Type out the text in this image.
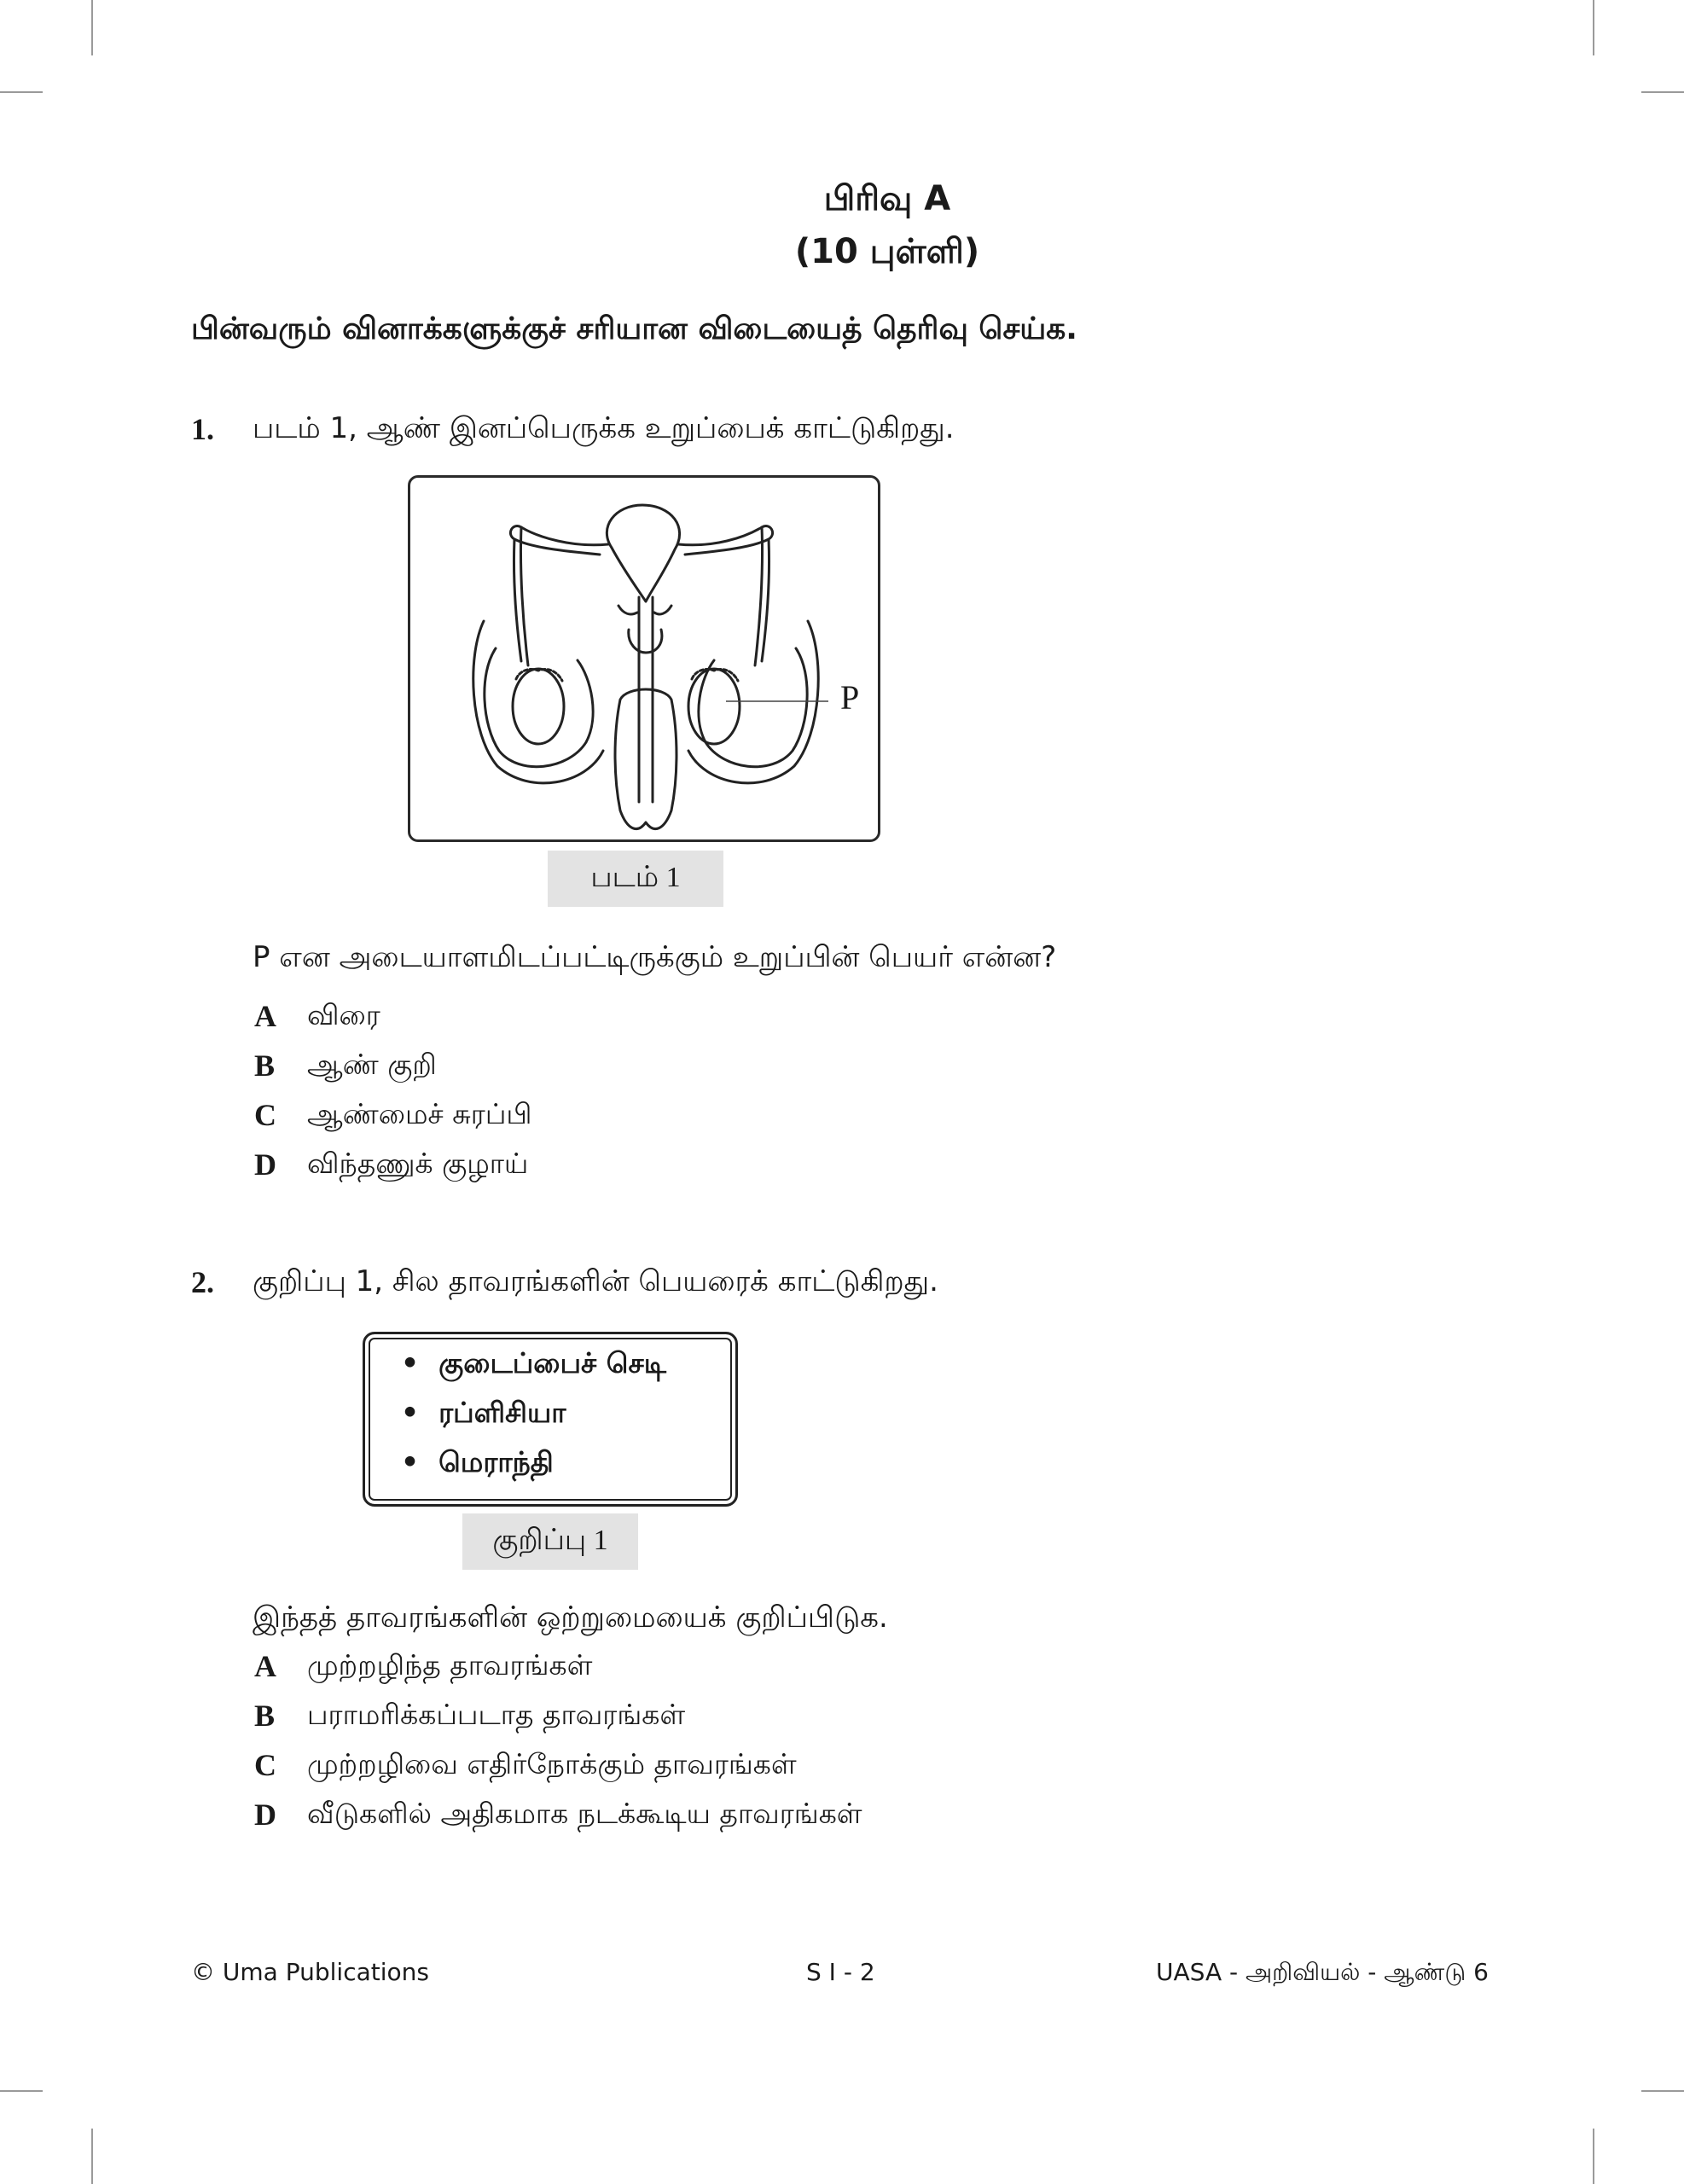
பிரிவு A
(10 புள்ளி)
பின்வரும் வினாக்களுக்குச் சரியான விடையைத் தெரிவு செய்க.
1. படம் 1, ஆண் இனப்பெருக்க உறுப்பைக் காட்டுகிறது.
P
படம் 1
P என அடையாளமிடப்பட்டிருக்கும் உறுப்பின் பெயர் என்ன?
A விரை
B ஆண் குறி
C ஆண்மைச் சுரப்பி
D விந்தணுக் குழாய்
2. குறிப்பு 1, சில தாவரங்களின் பெயரைக் காட்டுகிறது.
•  குடைப்பைச் செடி
•  ரப்ளிசியா
•  மெராந்தி
குறிப்பு 1
இந்தத் தாவரங்களின் ஒற்றுமையைக் குறிப்பிடுக.
A முற்றழிந்த தாவரங்கள்
B பராமரிக்கப்படாத தாவரங்கள்
C முற்றழிவை எதிர்நோக்கும் தாவரங்கள்
D வீடுகளில் அதிகமாக நடக்கூடிய தாவரங்கள்
© Uma Publications	S I - 2	UASA - அறிவியல் - ஆண்டு 6
